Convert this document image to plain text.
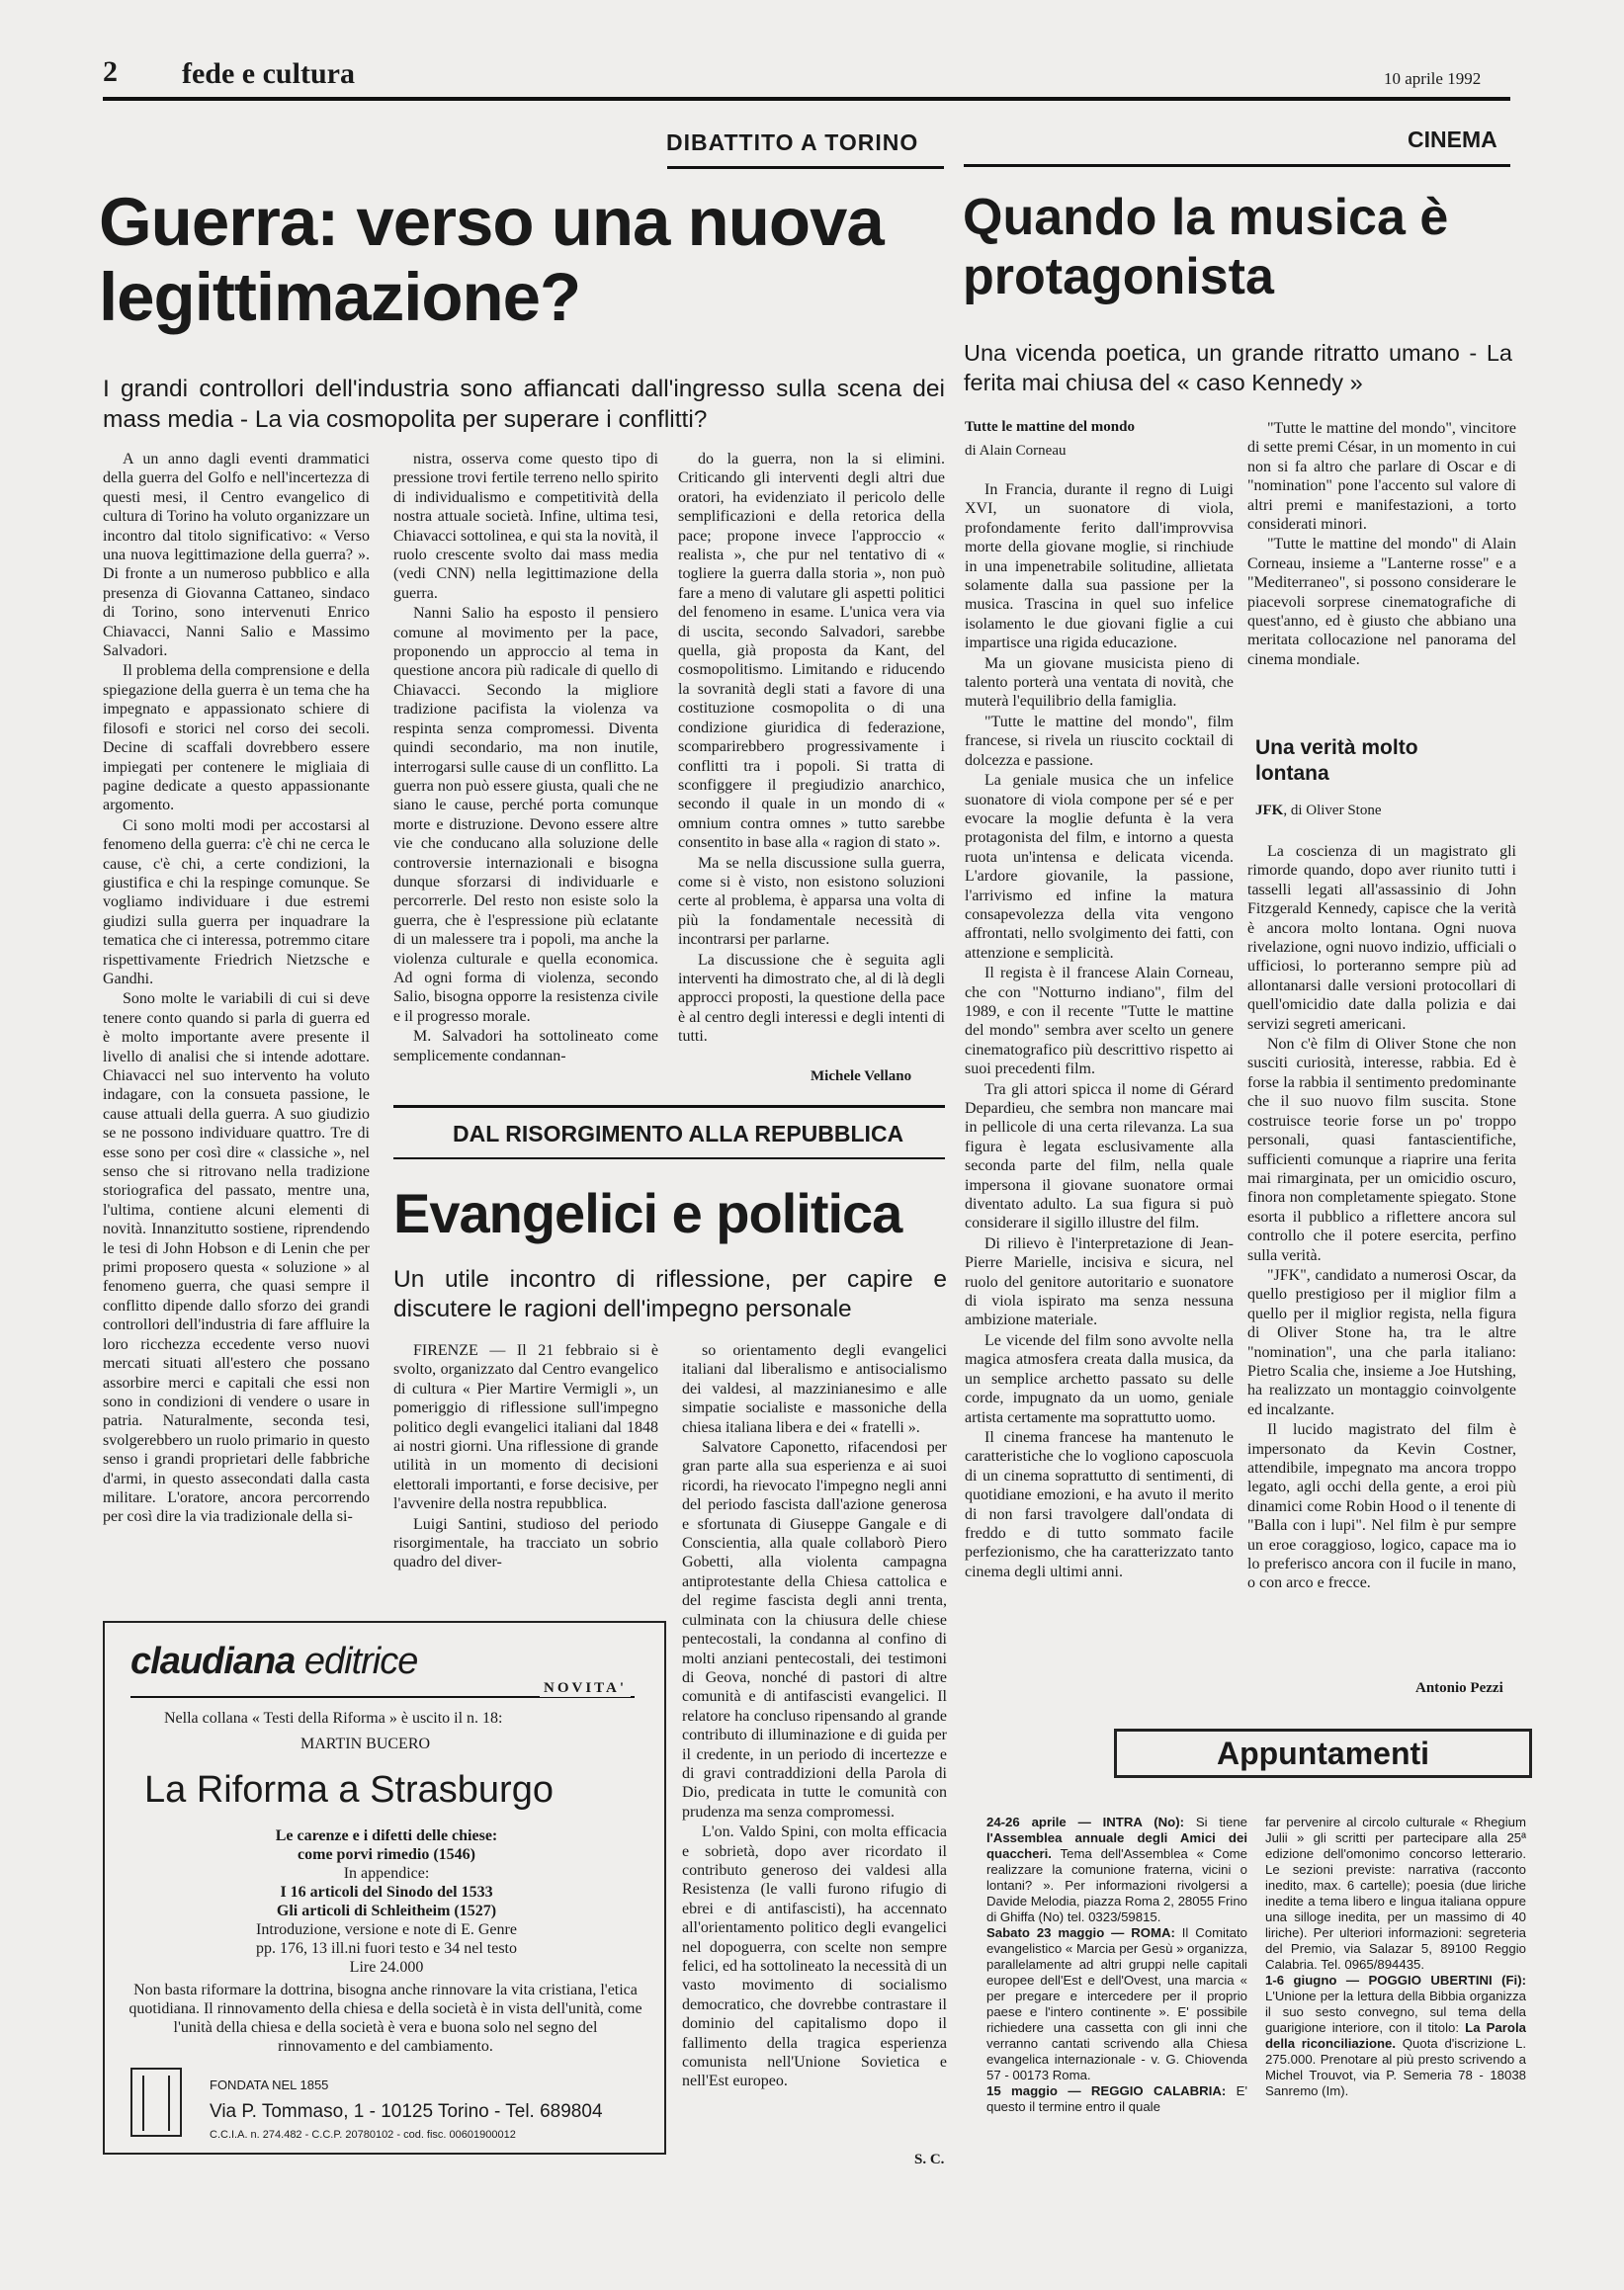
2 fede e cultura	10 aprile 1992
DIBATTITO A TORINO
Guerra: verso una nuova legittimazione?
I grandi controllori dell'industria sono affiancati dall'ingresso sulla scena dei mass media - La via cosmopolita per superare i conflitti?

A un anno dagli eventi drammatici della guerra del Golfo e nell'incertezza di questi mesi, il Centro evangelico di cultura di Torino ha voluto organizzare un incontro dal titolo significativo: « Verso una nuova legittimazione della guerra? ». Di fronte a un numeroso pubblico e alla presenza di Giovanna Cattaneo, sindaco di Torino, sono intervenuti Enrico Chiavacci, Nanni Salio e Massimo Salvadori.

Il problema della comprensione e della spiegazione della guerra è un tema che ha impegnato e appassionato schiere di filosofi e storici nel corso dei secoli. Decine di scaffali dovrebbero essere impiegati per contenere le migliaia di pagine dedicate a questo appassionante argomento.

Ci sono molti modi per accostarsi al fenomeno della guerra: c'è chi ne cerca le cause, c'è chi, a certe condizioni, la giustifica e chi la respinge comunque. Se vogliamo individuare i due estremi giudizi sulla guerra per inquadrare la tematica che ci interessa, potremmo citare rispettivamente Friedrich Nietzsche e Gandhi.

Sono molte le variabili di cui si deve tenere conto quando si parla di guerra ed è molto importante avere presente il livello di analisi che si intende adottare. Chiavacci nel suo intervento ha voluto indagare, con la consueta passione, le cause attuali della guerra. A suo giudizio se ne possono individuare quattro. Tre di esse sono per così dire « classiche », nel senso che si ritrovano nella tradizione storiografica del passato, mentre una, l'ultima, contiene alcuni elementi di novità. Innanzitutto sostiene, riprendendo le tesi di John Hobson e di Lenin che per primi proposero questa « soluzione » al fenomeno guerra, che quasi sempre il conflitto dipende dallo sforzo dei grandi controllori dell'industria di fare affluire la loro ricchezza eccedente verso nuovi mercati situati all'estero che possano assorbire merci e capitali che essi non sono in condizioni di vendere o usare in patria. Naturalmente, seconda tesi, svolgerebbero un ruolo primario in questo senso i grandi proprietari delle fabbriche d'armi, in questo assecondati dalla casta militare. L'oratore, ancora percorrendo per così dire la via tradizionale della si-

nistra, osserva come questo tipo di pressione trovi fertile terreno nello spirito di individualismo e competitività della nostra attuale società. Infine, ultima tesi, Chiavacci sottolinea, e qui sta la novità, il ruolo crescente svolto dai mass media (vedi CNN) nella legittimazione della guerra.

Nanni Salio ha esposto il pensiero comune al movimento per la pace, proponendo un approccio al tema in questione ancora più radicale di quello di Chiavacci. Secondo la migliore tradizione pacifista la violenza va respinta senza compromessi. Diventa quindi secondario, ma non inutile, interrogarsi sulle cause di un conflitto. La guerra non può essere giusta, quali che ne siano le cause, perché porta comunque morte e distruzione. Devono essere altre vie che conducano alla soluzione delle controversie internazionali e bisogna dunque sforzarsi di individuarle e percorrerle. Del resto non esiste solo la guerra, che è l'espressione più eclatante di un malessere tra i popoli, ma anche la violenza culturale e quella economica. Ad ogni forma di violenza, secondo Salio, bisogna opporre la resistenza civile e il progresso morale.

M. Salvadori ha sottolineato come semplicemente condannan-

do la guerra, non la si elimini. Criticando gli interventi degli altri due oratori, ha evidenziato il pericolo delle semplificazioni e della retorica della pace; propone invece l'approccio « realista », che pur nel tentativo di « togliere la guerra dalla storia », non può fare a meno di valutare gli aspetti politici del fenomeno in esame. L'unica vera via di uscita, secondo Salvadori, sarebbe quella, già proposta da Kant, del cosmopolitismo. Limitando e riducendo la sovranità degli stati a favore di una costituzione cosmopolita o di una condizione giuridica di federazione, scomparirebbero progressivamente i conflitti tra i popoli. Si tratta di sconfiggere il pregiudizio anarchico, secondo il quale in un mondo di « omnium contra omnes » tutto sarebbe consentito in base alla « ragion di stato ».

Ma se nella discussione sulla guerra, come si è visto, non esistono soluzioni certe al problema, è apparsa una volta di più la fondamentale necessità di incontrarsi per parlarne.

La discussione che è seguita agli interventi ha dimostrato che, al di là degli approcci proposti, la questione della pace è al centro degli interessi e degli intenti di tutti.

Michele Vellano
DAL RISORGIMENTO ALLA REPUBBLICA
Evangelici e politica
Un utile incontro di riflessione, per capire e discutere le ragioni dell'impegno personale

FIRENZE — Il 21 febbraio si è svolto, organizzato dal Centro evangelico di cultura « Pier Martire Vermigli », un pomeriggio di riflessione sull'impegno politico degli evangelici italiani dal 1848 ai nostri giorni. Una riflessione di grande utilità in un momento di decisioni elettorali importanti, e forse decisive, per l'avvenire della nostra repubblica.

Luigi Santini, studioso del periodo risorgimentale, ha tracciato un sobrio quadro del diver-

so orientamento degli evangelici italiani dal liberalismo e antisocialismo dei valdesi, al mazzinianesimo e alle simpatie socialiste e massoniche della chiesa italiana libera e dei « fratelli ».

Salvatore Caponetto, rifacendosi per gran parte alla sua esperienza e ai suoi ricordi, ha rievocato l'impegno negli anni del periodo fascista dall'azione generosa e sfortunata di Giuseppe Gangale e di Conscientia, alla quale collaborò Piero Gobetti, alla violenta campagna antiprotestante della Chiesa cattolica e del regime fascista degli anni trenta, culminata con la chiusura delle chiese pentecostali, la condanna al confino di molti anziani pentecostali, dei testimoni di Geova, nonché di pastori di altre comunità e di antifascisti evangelici. Il relatore ha concluso ripensando al grande contributo di illuminazione e di guida per il credente, in un periodo di incertezze e di gravi contraddizioni della Parola di Dio, predicata in tutte le comunità con prudenza ma senza compromessi.

L'on. Valdo Spini, con molta efficacia e sobrietà, dopo aver ricordato il contributo generoso dei valdesi alla Resistenza (le valli furono rifugio di ebrei e di antifascisti), ha accennato all'orientamento politico degli evangelici nel dopoguerra, con scelte non sempre felici, ed ha sottolineato la necessità di un vasto movimento di socialismo democratico, che dovrebbe contrastare il dominio del capitalismo dopo il fallimento della tragica esperienza comunista nell'Unione Sovietica e nell'Est europeo.

S. C.
CINEMA
Quando la musica è protagonista
Una vicenda poetica, un grande ritratto umano - La ferita mai chiusa del « caso Kennedy »
Tutte le mattine del mondo
di Alain Corneau

In Francia, durante il regno di Luigi XVI, un suonatore di viola, profondamente ferito dall'improvvisa morte della giovane moglie, si rinchiude in una impenetrabile solitudine, allietata solamente dalla sua passione per la musica. Trascina in quel suo infelice isolamento le due giovani figlie a cui impartisce una rigida educazione.

Ma un giovane musicista pieno di talento porterà una ventata di novità, che muterà l'equilibrio della famiglia.

"Tutte le mattine del mondo", film francese, si rivela un riuscito cocktail di dolcezza e passione.

La geniale musica che un infelice suonatore di viola compone per sé e per evocare la moglie defunta è la vera protagonista del film, e intorno a questa ruota un'intensa e delicata vicenda. L'ardore giovanile, la passione, l'arrivismo ed infine la matura consapevolezza della vita vengono affrontati, nello svolgimento dei fatti, con attenzione e semplicità.

Il regista è il francese Alain Corneau, che con "Notturno indiano", film del 1989, e con il recente "Tutte le mattine del mondo" sembra aver scelto un genere cinematografico più descrittivo rispetto ai suoi precedenti film.

Tra gli attori spicca il nome di Gérard Depardieu, che sembra non mancare mai in pellicole di una certa rilevanza. La sua figura è legata esclusivamente alla seconda parte del film, nella quale impersona il giovane suonatore ormai diventato adulto. La sua figura si può considerare il sigillo illustre del film.

Di rilievo è l'interpretazione di Jean-Pierre Marielle, incisiva e sicura, nel ruolo del genitore autoritario e suonatore di viola ispirato ma senza nessuna ambizione materiale.

Le vicende del film sono avvolte nella magica atmosfera creata dalla musica, da un semplice archetto passato su delle corde, impugnato da un uomo, geniale artista certamente ma soprattutto uomo.

Il cinema francese ha mantenuto le caratteristiche che lo vogliono caposcuola di un cinema soprattutto di sentimenti, di quotidiane emozioni, e ha avuto il merito di non farsi travolgere dall'ondata di freddo e di tutto sommato facile perfezionismo, che ha caratterizzato tanto cinema degli ultimi anni.

"Tutte le mattine del mondo", vincitore di sette premi César, in un momento in cui non si fa altro che parlare di Oscar e di "nomination" pone l'accento sul valore di altri premi e manifestazioni, a torto considerati minori.

"Tutte le mattine del mondo" di Alain Corneau, insieme a "Lanterne rosse" e a "Mediterraneo", si possono considerare le piacevoli sorprese cinematografiche di quest'anno, ed è giusto che abbiano una meritata collocazione nel panorama del cinema mondiale.

Una verità molto lontana
JFK, di Oliver Stone

La coscienza di un magistrato gli rimorde quando, dopo aver riunito tutti i tasselli legati all'assassinio di John Fitzgerald Kennedy, capisce che la verità è ancora molto lontana. Ogni nuova rivelazione, ogni nuovo indizio, ufficiali o ufficiosi, lo porteranno sempre più ad allontanarsi dalle versioni protocollari di quell'omicidio date dalla polizia e dai servizi segreti americani.

Non c'è film di Oliver Stone che non susciti curiosità, interesse, rabbia. Ed è forse la rabbia il sentimento predominante che il suo nuovo film suscita. Stone costruisce teorie forse un po' troppo personali, quasi fantascientifiche, sufficienti comunque a riaprire una ferita mai rimarginata, per un omicidio oscuro, finora non completamente spiegato. Stone esorta il pubblico a riflettere ancora sul controllo che il potere esercita, perfino sulla verità.

"JFK", candidato a numerosi Oscar, da quello prestigioso per il miglior film a quello per il miglior regista, nella figura di Oliver Stone ha, tra le altre "nomination", una che parla italiano: Pietro Scalia che, insieme a Joe Hutshing, ha realizzato un montaggio coinvolgente ed incalzante.

Il lucido magistrato del film è impersonato da Kevin Costner, attendibile, impegnato ma ancora troppo legato, agli occhi della gente, a eroi più dinamici come Robin Hood o il tenente di "Balla con i lupi". Nel film è pur sempre un eroe coraggioso, logico, capace ma io lo preferisco ancora con il fucile in mano, o con arco e frecce.

Antonio Pezzi
claudiana editrice
NOVITA'
Nella collana « Testi della Riforma » è uscito il n. 18:
MARTIN BUCERO
La Riforma a Strasburgo
Le carenze e i difetti delle chiese:
come porvi rimedio (1546)
In appendice:
I 16 articoli del Sinodo del 1533
Gli articoli di Schleitheim (1527)
Introduzione, versione e note di E. Genre
pp. 176, 13 ill.ni fuori testo e 34 nel testo
Lire 24.000
Non basta riformare la dottrina, bisogna anche rinnovare la vita cristiana, l'etica quotidiana. Il rinnovamento della chiesa e della società è in vista dell'unità, come l'unità della chiesa e della società è vera e buona solo nel segno del rinnovamento e del cambiamento.
FONDATA NEL 1855
Via P. Tommaso, 1 - 10125 Torino - Tel. 689804
C.C.I.A. n. 274.482 - C.C.P. 20780102 - cod. fisc. 00601900012
Appuntamenti
24-26 aprile — INTRA (No): Si tiene l'Assemblea annuale degli Amici dei quaccheri. Tema dell'Assemblea « Come realizzare la comunione fraterna, vicini o lontani? ». Per informazioni rivolgersi a Davide Melodia, piazza Roma 2, 28055 Frino di Ghiffa (No) tel. 0323/59815.
Sabato 23 maggio — ROMA: Il Comitato evangelistico « Marcia per Gesù » organizza, parallelamente ad altri gruppi nelle capitali europee dell'Est e dell'Ovest, una marcia « per pregare e intercedere per il proprio paese e l'intero continente ». E' possibile richiedere una cassetta con gli inni che verranno cantati scrivendo alla Chiesa evangelica internazionale - v. G. Chiovenda 57 - 00173 Roma.
15 maggio — REGGIO CALABRIA: E' questo il termine entro il quale
far pervenire al circolo culturale « Rhegium Julii » gli scritti per partecipare alla 25ª edizione dell'omonimo concorso letterario. Le sezioni previste: narrativa (racconto inedito, max. 6 cartelle); poesia (due liriche inedite a tema libero e lingua italiana oppure una silloge inedita, per un massimo di 40 liriche). Per ulteriori informazioni: segreteria del Premio, via Salazar 5, 89100 Reggio Calabria. Tel. 0965/894435.
1-6 giugno — POGGIO UBERTINI (Fi): L'Unione per la lettura della Bibbia organizza il suo sesto convegno, sul tema della guarigione interiore, con il titolo: La Parola della riconciliazione. Quota d'iscrizione L. 275.000. Prenotare al più presto scrivendo a Michel Trouvot, via P. Semeria 78 - 18038 Sanremo (Im).
